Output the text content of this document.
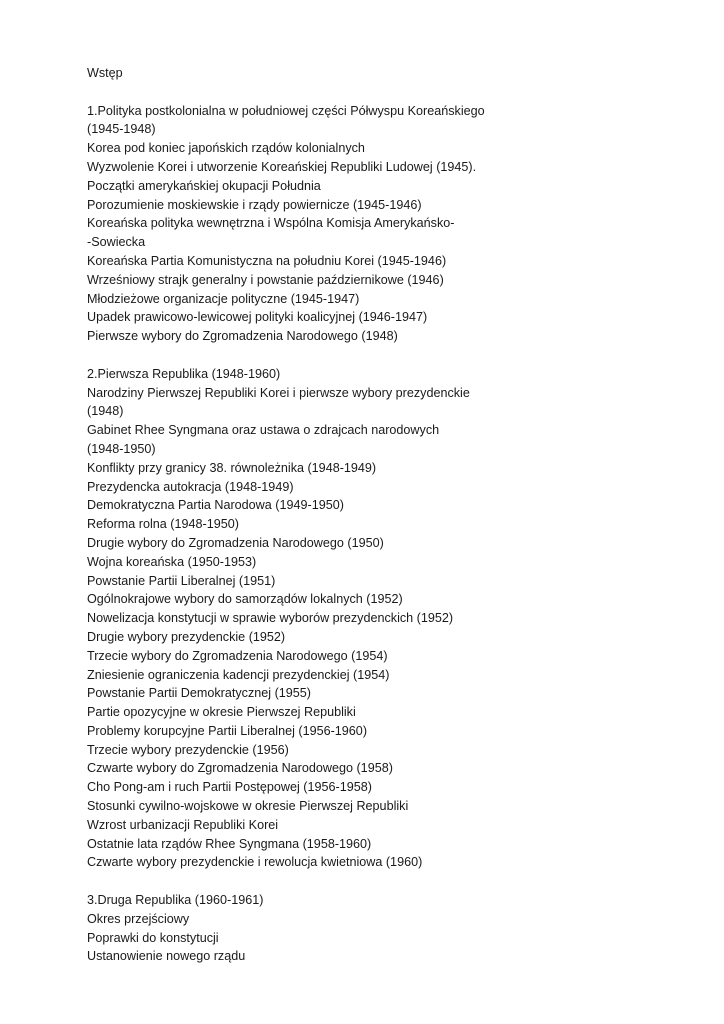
Wstęp
1.Polityka postkolonialna w południowej części Półwyspu Koreańskiego
(1945-1948)
Korea pod koniec japońskich rządów kolonialnych
Wyzwolenie Korei i utworzenie Koreańskiej Republiki Ludowej (1945).
Początki amerykańskiej okupacji Południa
Porozumienie moskiewskie i rządy powiernicze (1945-1946)
Koreańska polityka wewnętrzna i Wspólna Komisja Amerykańsko-
-Sowiecka
Koreańska Partia Komunistyczna na południu Korei (1945-1946)
Wrześniowy strajk generalny i powstanie październikowe (1946)
Młodzieżowe organizacje polityczne (1945-1947)
Upadek prawicowo-lewicowej polityki koalicyjnej (1946-1947)
Pierwsze wybory do Zgromadzenia Narodowego (1948)
2.Pierwsza Republika (1948-1960)
Narodziny Pierwszej Republiki Korei i pierwsze wybory prezydenckie
(1948)
Gabinet Rhee Syngmana oraz ustawa o zdrajcach narodowych
(1948-1950)
Konflikty przy granicy 38. równoleżnika (1948-1949)
Prezydencka autokracja (1948-1949)
Demokratyczna Partia Narodowa (1949-1950)
Reforma rolna (1948-1950)
Drugie wybory do Zgromadzenia Narodowego (1950)
Wojna koreańska (1950-1953)
Powstanie Partii Liberalnej (1951)
Ogólnokrajowe wybory do samorządów lokalnych (1952)
Nowelizacja konstytucji w sprawie wyborów prezydenckich (1952)
Drugie wybory prezydenckie (1952)
Trzecie wybory do Zgromadzenia Narodowego (1954)
Zniesienie ograniczenia kadencji prezydenckiej (1954)
Powstanie Partii Demokratycznej (1955)
Partie opozycyjne w okresie Pierwszej Republiki
Problemy korupcyjne Partii Liberalnej (1956-1960)
Trzecie wybory prezydenckie (1956)
Czwarte wybory do Zgromadzenia Narodowego (1958)
Cho Pong-am i ruch Partii Postępowej (1956-1958)
Stosunki cywilno-wojskowe w okresie Pierwszej Republiki
Wzrost urbanizacji Republiki Korei
Ostatnie lata rządów Rhee Syngmana (1958-1960)
Czwarte wybory prezydenckie i rewolucja kwietniowa (1960)
3.Druga Republika (1960-1961)
Okres przejściowy
Poprawki do konstytucji
Ustanowienie nowego rządu
